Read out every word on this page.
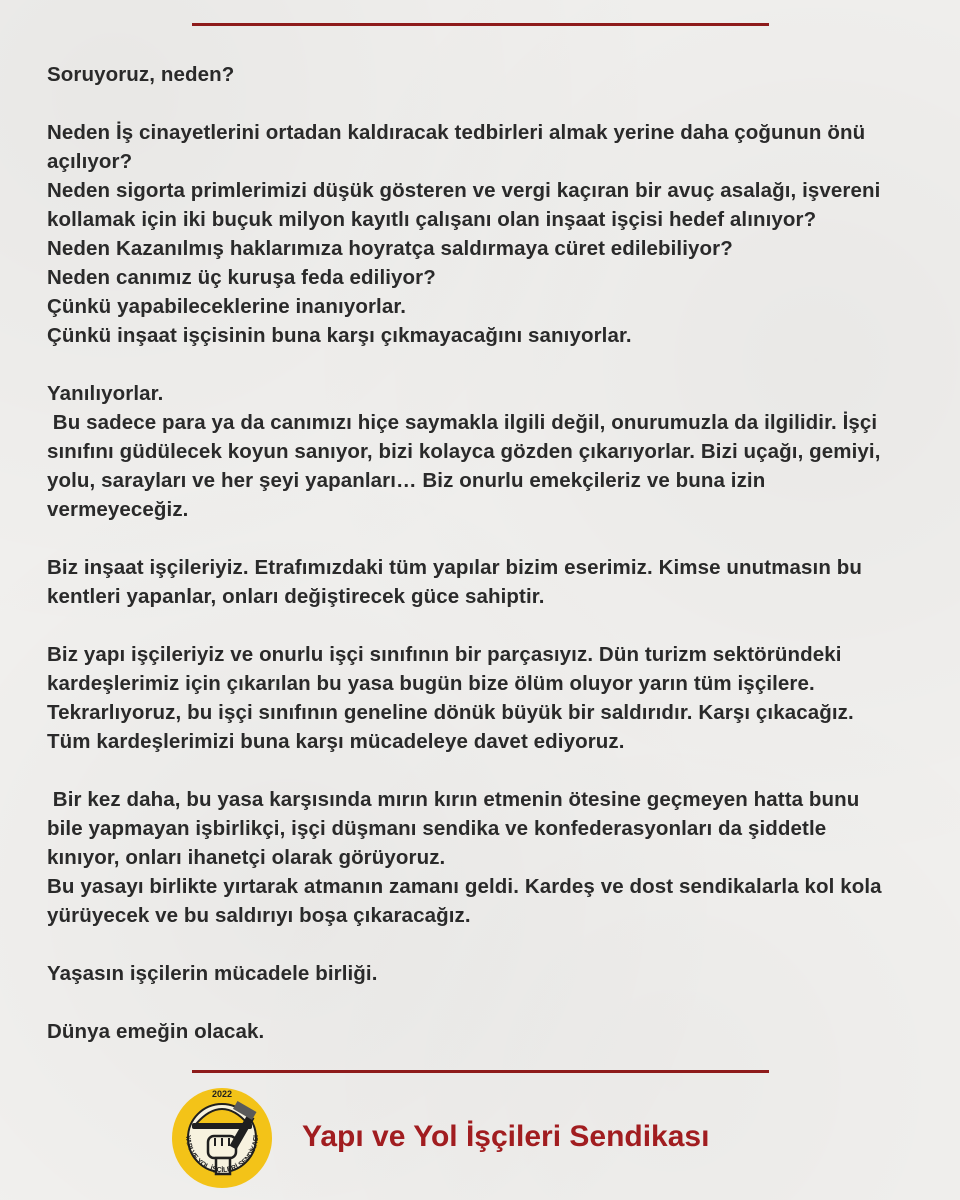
Soruyoruz, neden?
Neden İş cinayetlerini ortadan kaldıracak tedbirleri almak yerine daha çoğunun önü
açılıyor?
Neden sigorta primlerimizi düşük gösteren ve vergi kaçıran bir avuç asalağı, işvereni
kollamak için iki buçuk milyon kayıtlı çalışanı olan inşaat işçisi hedef alınıyor?
Neden Kazanılmış haklarımıza hoyratça saldırmaya cüret edilebiliyor?
Neden canımız üç kuruşa feda ediliyor?
Çünkü yapabileceklerine inanıyorlar.
Çünkü inşaat işçisinin buna karşı çıkmayacağını sanıyorlar.
Yanılıyorlar.
Bu sadece para ya da canımızı hiçe saymakla ilgili değil, onurumuzla da ilgilidir. İşçi
sınıfını güdülecek koyun sanıyor, bizi kolayca gözden çıkarıyorlar. Bizi uçağı, gemiyi,
yolu, sarayları ve her şeyi yapanları… Biz onurlu emekçileriz ve buna izin
vermeyeceğiz.
Biz inşaat işçileriyiz. Etrafımızdaki tüm yapılar bizim eserimiz. Kimse unutmasın bu
kentleri yapanlar, onları değiştirecek güce sahiptir.
Biz yapı işçileriyiz ve onurlu işçi sınıfının bir parçasıyız. Dün turizm sektöründeki
kardeşlerimiz için çıkarılan bu yasa bugün bize ölüm oluyor yarın tüm işçilere.
Tekrarlıyoruz, bu işçi sınıfının geneline dönük büyük bir saldırıdır. Karşı çıkacağız.
Tüm kardeşlerimizi buna karşı mücadeleye davet ediyoruz.
Bir kez daha, bu yasa karşısında mırın kırın etmenin ötesine geçmeyen hatta bunu
bile yapmayan işbirlikçi, işçi düşmanı sendika ve konfederasyonları da şiddetle
kınıyor, onları ihanetçi olarak görüyoruz.
Bu yasayı birlikte yırtarak atmanın zamanı geldi. Kardeş ve dost sendikalarla kol kola
yürüyecek ve bu saldırıyı boşa çıkaracağız.
Yaşasın işçilerin mücadele birliği.
Dünya emeğin olacak.
2022
YAPI VE YOL İŞÇİLERİ SENDİKASI Yapı ve Yol İşçileri Sendikası
